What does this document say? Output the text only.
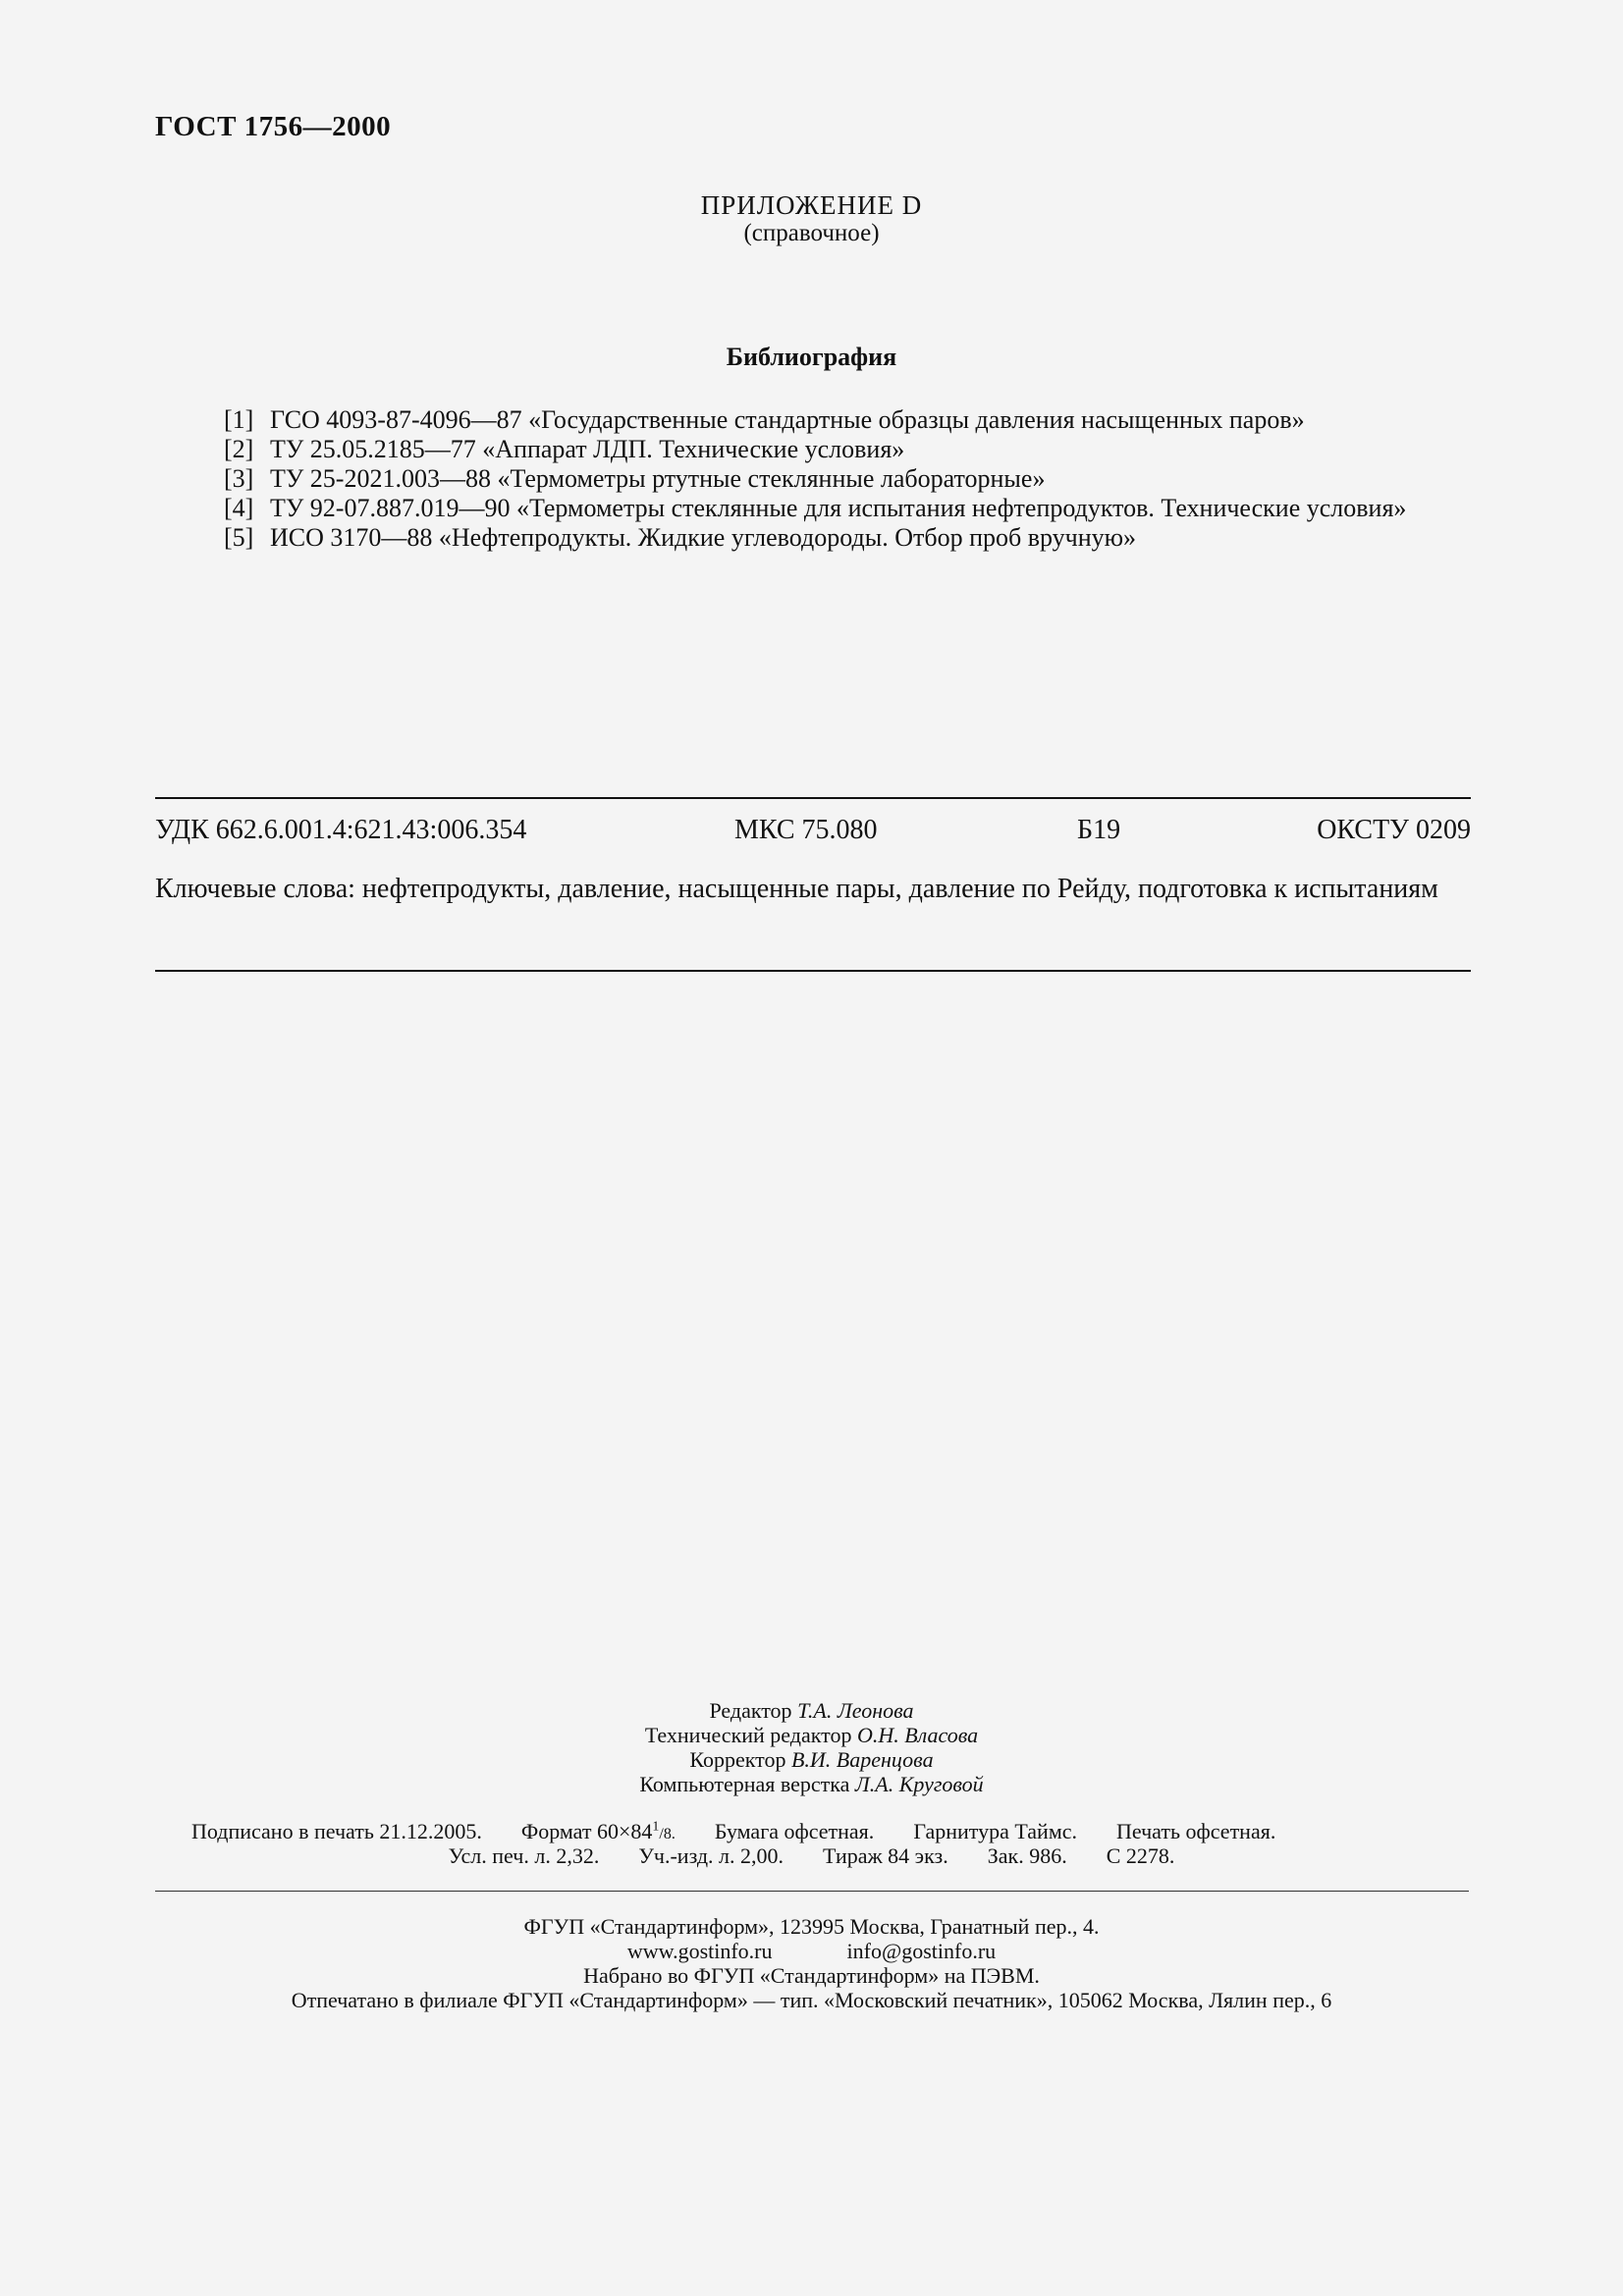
ГОСТ 1756—2000
ПРИЛОЖЕНИЕ D
(справочное)
Библиография
[1] ГСО 4093-87-4096—87 «Государственные стандартные образцы давления насыщенных паров»
[2] ТУ 25.05.2185—77 «Аппарат ЛДП. Технические условия»
[3] ТУ 25-2021.003—88 «Термометры ртутные стеклянные лабораторные»
[4] ТУ 92-07.887.019—90 «Термометры стеклянные для испытания нефтепродуктов. Технические условия»
[5] ИСО 3170—88 «Нефтепродукты. Жидкие углеводороды. Отбор проб вручную»
УДК 662.6.001.4:621.43:006.354	МКС 75.080	Б19	ОКСТУ 0209
Ключевые слова: нефтепродукты, давление, насыщенные пары, давление по Рейду, подготовка к испытаниям
Редактор Т.А. Леонова
Технический редактор О.Н. Власова
Корректор В.И. Варенцова
Компьютерная верстка Л.А. Круговой
Подписано в печать 21.12.2005. Формат $60\times 84^1/8$. Бумага офсетная. Гарнитура Таймс. Печать офсетная.
Усл. печ. л. 2,32. Уч.-изд. л. 2,00. Тираж 84 экз. Зак. 986. С 2278.
ФГУП «Стандартинформ», 123995 Москва, Гранатный пер., 4.
www.gostinfo.ru	info@gostinfo.ru
Набрано во ФГУП «Стандартинформ» на ПЭВМ.
Отпечатано в филиале ФГУП «Стандартинформ» — тип. «Московский печатник», 105062 Москва, Лялин пер., 6
